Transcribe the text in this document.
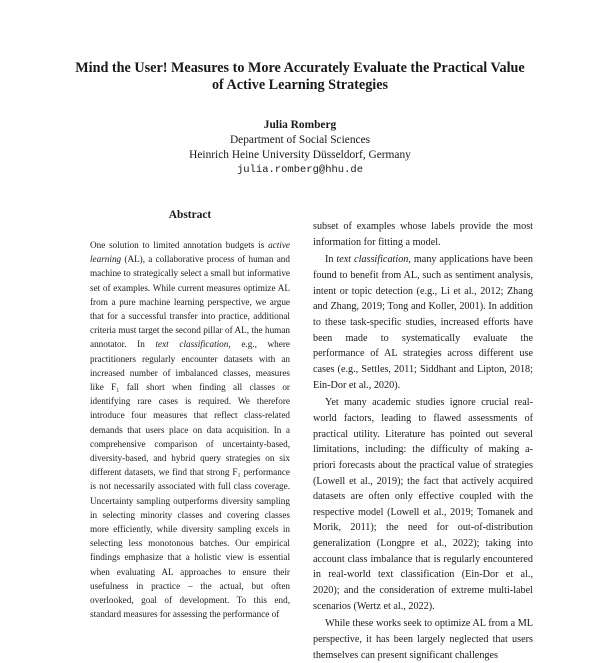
Mind the User! Measures to More Accurately Evaluate the Practical Value
of Active Learning Strategies
Julia Romberg
Department of Social Sciences
Heinrich Heine University Düsseldorf, Germany
julia.romberg@hhu.de
Abstract
One solution to limited annotation budgets is active learning (AL), a collaborative process of human and machine to strategically select a small but informative set of examples. While current measures optimize AL from a pure machine learning perspective, we argue that for a successful transfer into practice, additional criteria must target the second pillar of AL, the human annotator. In text classification, e.g., where practitioners regularly encounter datasets with an increased number of imbalanced classes, measures like F₁ fall short when finding all classes or identifying rare cases is required. We therefore introduce four measures that reflect class-related demands that users place on data acquisition. In a comprehensive comparison of uncertainty-based, diversity-based, and hybrid query strategies on six different datasets, we find that strong F₁ performance is not necessarily associated with full class coverage. Uncertainty sampling outperforms diversity sampling in selecting minority classes and covering classes more efficiently, while diversity sampling excels in selecting less monotonous batches. Our empirical findings emphasize that a holistic view is essential when evaluating AL approaches to ensure their usefulness in practice – the actual, but often overlooked, goal of development. To this end, standard measures for assessing the performance of

subset of examples whose labels provide the most information for fitting a model.

In text classification, many applications have been found to benefit from AL, such as sentiment analysis, intent or topic detection (e.g., Li et al., 2012; Zhang and Zhang, 2019; Tong and Koller, 2001). In addition to these task-specific studies, increased efforts have been made to systematically evaluate the performance of AL strategies across different use cases (e.g., Settles, 2011; Siddhant and Lipton, 2018; Ein-Dor et al., 2020).

Yet many academic studies ignore crucial real-world factors, leading to flawed assessments of practical utility. Literature has pointed out several limitations, including: the difficulty of making a-priori forecasts about the practical value of strategies (Lowell et al., 2019); the fact that actively acquired datasets are often only effective coupled with the respective model (Lowell et al., 2019; Tomanek and Morik, 2011); the need for out-of-distribution generalization (Longpre et al., 2022); taking into account class imbalance that is regularly encountered in real-world text classification (Ein-Dor et al., 2020); and the consideration of extreme multi-label scenarios (Wertz et al., 2022).

While these works seek to optimize AL from a ML perspective, it has been largely neglected that users themselves can present significant challenges
